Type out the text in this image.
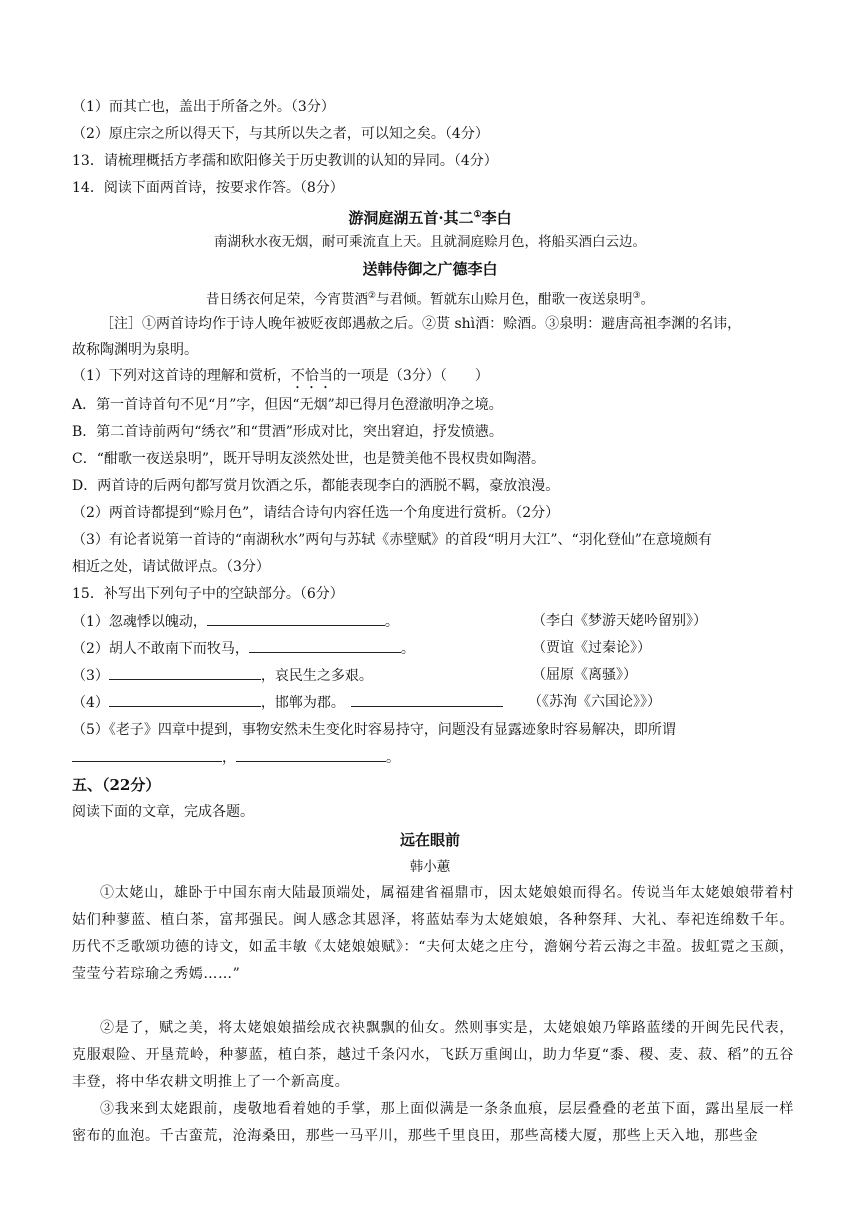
（1）而其亡也，盖出于所备之外。（3分）
（2）原庄宗之所以得天下，与其所以失之者，可以知之矣。（4分）
13．请梳理概括方孝孺和欧阳修关于历史教训的认知的异同。（4分）
14．阅读下面两首诗，按要求作答。（8分）
游洞庭湖五首·其二①李白
南湖秋水夜无烟，耐可乘流直上天。且就洞庭赊月色，将船买酒白云边。
送韩侍御之广德李白
昔日绣衣何足荣，今宵贳酒②与君倾。暂就东山赊月色，酣歌一夜送泉明③。
［注］①两首诗均作于诗人晚年被贬夜郎遇赦之后。②贳 shì酒：赊酒。③泉明：避唐高祖李渊的名讳，
故称陶渊明为泉明。
（1）下列对这首诗的理解和赏析，不恰当的一项是（3分）（　　）
A．第一首诗首句不见“月”字，但因“无烟”却已得月色澄澈明净之境。
B．第二首诗前两句“绣衣”和“贯酒”形成对比，突出窘迫，抒发愤懑。
C．“酣歌一夜送泉明”，既开导明友淡然处世，也是赞美他不畏权贵如陶潜。
D．两首诗的后两句都写赏月饮酒之乐，都能表现李白的洒脱不羁，豪放浪漫。
（2）两首诗都提到“赊月色”，请结合诗句内容任选一个角度进行赏析。（2分）
（3）有论者说第一首诗的“南湖秋水”两句与苏轼《赤壁赋》的首段“明月大江”、“羽化登仙”在意境颇有
相近之处，请试做评点。（3分）
15．补写出下列句子中的空缺部分。（6分）
（1）忽魂悸以魄动，	。	（李白《梦游天姥吟留别》）
（2）胡人不敢南下而牧马，	。	（贾谊《过秦论》）
（3）	，哀民生之多艰。	（屈原《离骚》）
（4）	，邯郸为郡。	（《苏洵《六国论》》）
（5）《老子》四章中提到，事物安然未生变化时容易持守，问题没有显露迹象时容易解决，即所谓
，	。
五、（22分）
阅读下面的文章，完成各题。
远在眼前
韩小蕙
①太姥山，雄卧于中国东南大陆最顶端处，属福建省福鼎市，因太姥娘娘而得名。传说当年太姥娘娘带着村姑们种蓼蓝、植白茶，富邦强民。闽人感念其恩泽，将蓝姑奉为太姥娘娘，各种祭拜、大礼、奉祀连绵数千年。历代不乏歌颂功德的诗文，如孟丰敏《太姥娘娘赋》：“夫何太姥之庄兮，澹娴兮若云海之丰盈。拔虹霓之玉颜，莹莹兮若琮瑜之秀嫣……”
②是了，赋之美，将太姥娘娘描绘成衣袂飘飘的仙女。然则事实是，太姥娘娘乃筚路蓝缕的开闽先民代表，克服艰险、开垦荒岭，种蓼蓝，植白茶，越过千条闪水，飞跃万重闽山，助力华夏“黍、稷、麦、菽、稻”的五谷丰登，将中华农耕文明推上了一个新高度。
③我来到太姥跟前，虔敬地看着她的手掌，那上面似满是一条条血痕，层层叠叠的老茧下面，露出星辰一样密布的血泡。千古蛮荒，沧海桑田，那些一马平川，那些千里良田，那些高楼大厦，那些上天入地，那些金
